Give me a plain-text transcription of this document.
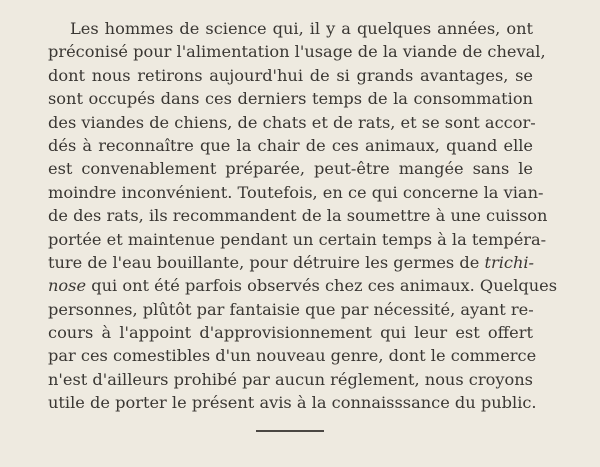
Les hommes de science qui, il y a quelques années, ont
préconisé pour l'alimentation l'usage de la viande de cheval,
dont nous retirons aujourd'hui de si grands avantages, se
sont occupés dans ces derniers temps de la consommation
des viandes de chiens, de chats et de rats, et se sont accor-
dés à reconnaître que la chair de ces animaux, quand elle
est convenablement préparée, peut-être mangée sans le
moindre inconvénient. Toutefois, en ce qui concerne la vian-
de des rats, ils recommandent de la soumettre à une cuisson
portée et maintenue pendant un certain temps à la tempéra-
ture de l'eau bouillante, pour détruire les germes de trichi-
nose qui ont été parfois observés chez ces animaux. Quelques
personnes, plûtôt par fantaisie que par nécessité, ayant re-
cours à l'appoint d'approvisionnement qui leur est offert
par ces comestibles d'un nouveau genre, dont le commerce
n'est d'ailleurs prohibé par aucun réglement, nous croyons
utile de porter le présent avis à la connaisssance du public.
